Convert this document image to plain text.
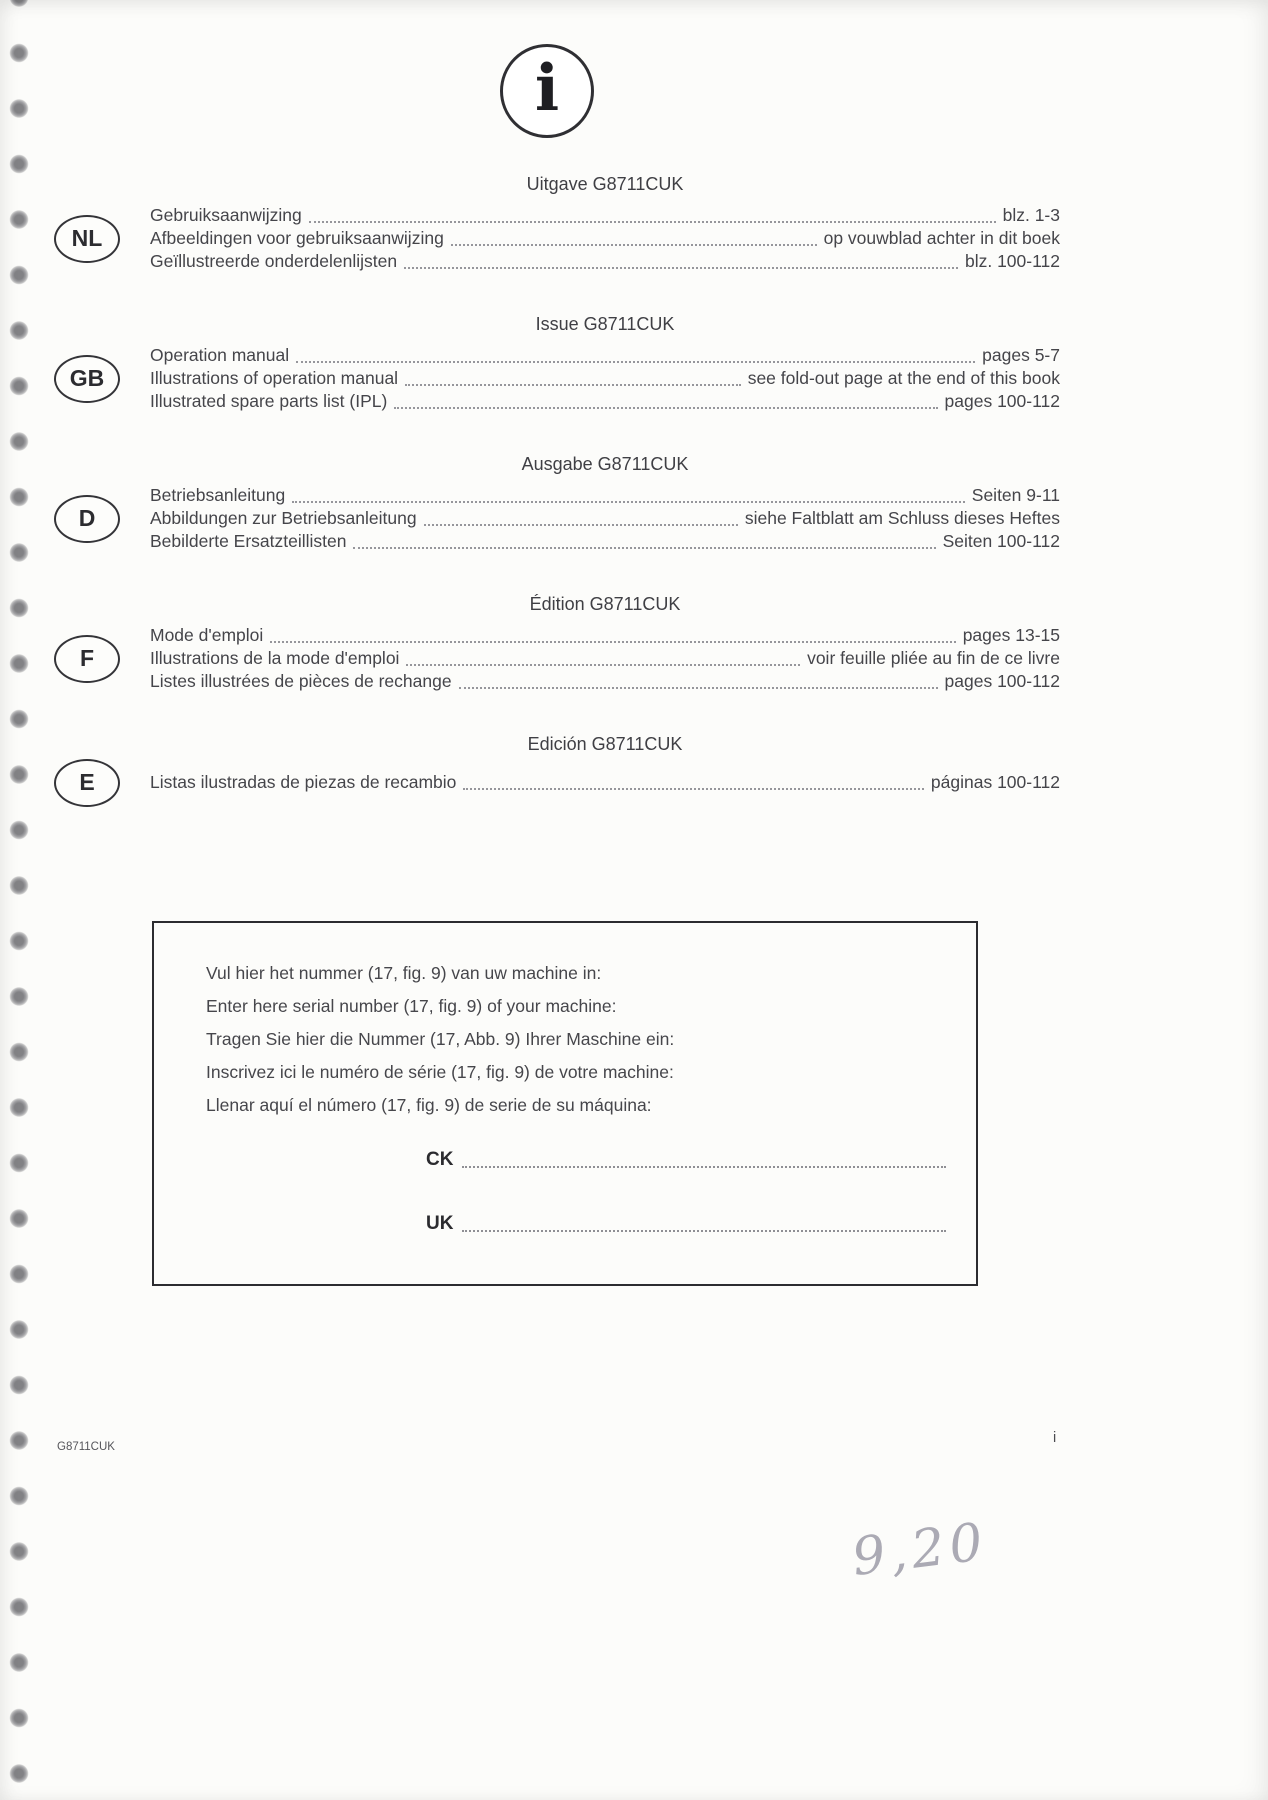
i
Uitgave G8711CUK
NL
Gebruiksaanwijzing	blz. 1-3
Afbeeldingen voor gebruiksaanwijzing	op vouwblad achter in dit boek
Geïllustreerde onderdelenlijsten	blz. 100-112
Issue G8711CUK
GB
Operation manual	pages 5-7
Illustrations of operation manual	see fold-out page at the end of this book
Illustrated spare parts list (IPL)	pages 100-112
Ausgabe G8711CUK
D
Betriebsanleitung	Seiten 9-11
Abbildungen zur Betriebsanleitung	siehe Faltblatt am Schluss dieses Heftes
Bebilderte Ersatzteillisten	Seiten 100-112
Édition G8711CUK
F
Mode d'emploi	pages 13-15
Illustrations de la mode d'emploi	voir feuille pliée au fin de ce livre
Listes illustrées de pièces de rechange	pages 100-112
Edición G8711CUK
E	Listas ilustradas de piezas de recambio	páginas 100-112
Vul hier het nummer (17, fig. 9) van uw machine in:
Enter here serial number (17, fig. 9) of your machine:
Tragen Sie hier die Nummer (17, Abb. 9) Ihrer Maschine ein:
Inscrivez ici le numéro de série (17, fig. 9) de votre machine:
Llenar aquí el número (17, fig. 9) de serie de su máquina:
CK
UK
G8711CUK
i
9,20
